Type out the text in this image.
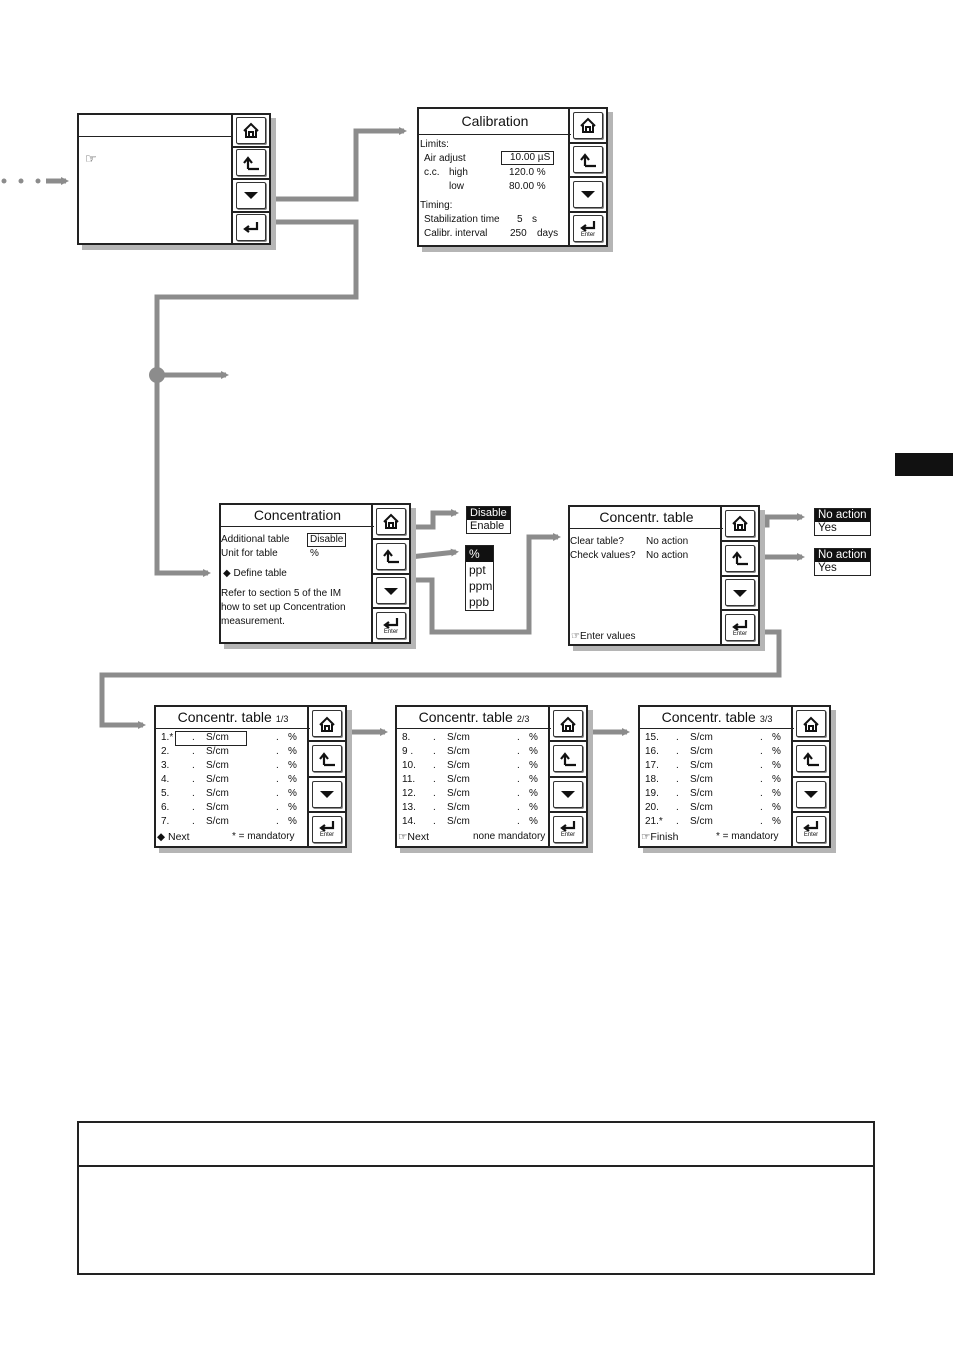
☞
Calibration
Limits:
Air adjust	10.00 µS
c.c. high	120.0 %
low	80.00 %
Timing:
Stabilization time 5 s
Calibr. interval 250 days	Enter
Concentration
Additional table	Disable
Unit for table	%
◆ Define table
Refer to section 5 of the IM
how to set up Concentration
measurement.
Enter
Disable
Enable
%
ppt
ppm
ppb
Concentr. table
Clear table? No action
Check values? No action
☞Enter values	Enter
No action
Yes
No action
Yes
Concentr. table 1/3
1.* . S/cm	. %
2. . S/cm	. %
3. . S/cm	. %
4. . S/cm	. %
5. . S/cm	. %
6. . S/cm	. %
7. . S/cm	. %
◆ Next	* = mandatory	Enter
Concentr. table 2/3
8. . S/cm	. %
9 . . S/cm	. %
10. . S/cm	. %
11. . S/cm	. %
12. . S/cm	. %
13. . S/cm	. %
14. . S/cm	. %
☞Next	none mandatory	Enter
Concentr. table 3/3
15. . S/cm	. %
16. . S/cm	. %
17. . S/cm	. %
18. . S/cm	. %
19. . S/cm	. %
20. . S/cm	. %
21.* . S/cm	. %
☞Finish	* = mandatory	Enter
